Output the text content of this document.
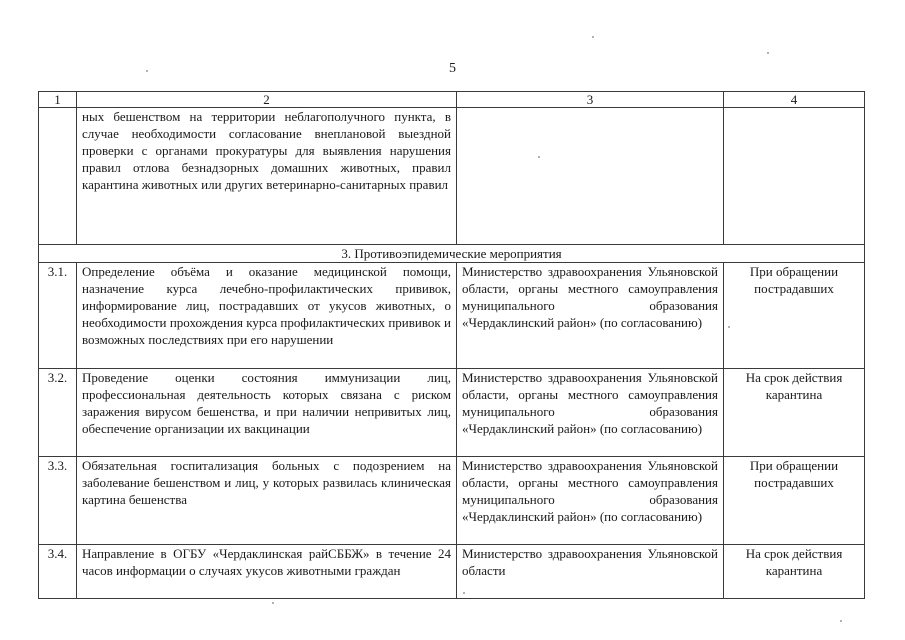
5
1	2	3	4
	ных бешенством на территории неблагополучного пункта, в случае необходимости согласование внеплановой выездной проверки с органами прокуратуры для выявления нарушения правил отлова безнадзорных домашних животных, правил карантина животных или других ветеринарно-санитарных правил		
3. Противоэпидемические мероприятия			
3.1.	Определение объёма и оказание медицинской помощи, назначение курса лечебно-профилактических прививок, информирование лиц, пострадавших от укусов животных, о необходимости прохождения курса профилактических прививок и возможных последствиях при его нарушении	Министерство здравоохранения Ульяновской области, органы местного самоуправления муниципального образования «Чердаклинский район» (по согласованию)	При обращении пострадавших
3.2.	Проведение оценки состояния иммунизации лиц, профессиональная деятельность которых связана с риском заражения вирусом бешенства, и при наличии непривитых лиц, обеспечение организации их вакцинации	Министерство здравоохранения Ульяновской области, органы местного самоуправления муниципального образования «Чердаклинский район» (по согласованию)	На срок действия карантина
3.3.	Обязательная госпитализация больных с подозрением на заболевание бешенством и лиц, у которых развилась клиническая картина бешенства	Министерство здравоохранения Ульяновской области, органы местного самоуправления муниципального образования «Чердаклинский район» (по согласованию)	При обращении пострадавших
3.4.	Направление в ОГБУ «Чердаклинская райСББЖ» в течение 24 часов информации о случаях укусов животными граждан	Министерство здравоохранения Ульяновской области	На срок действия карантина
